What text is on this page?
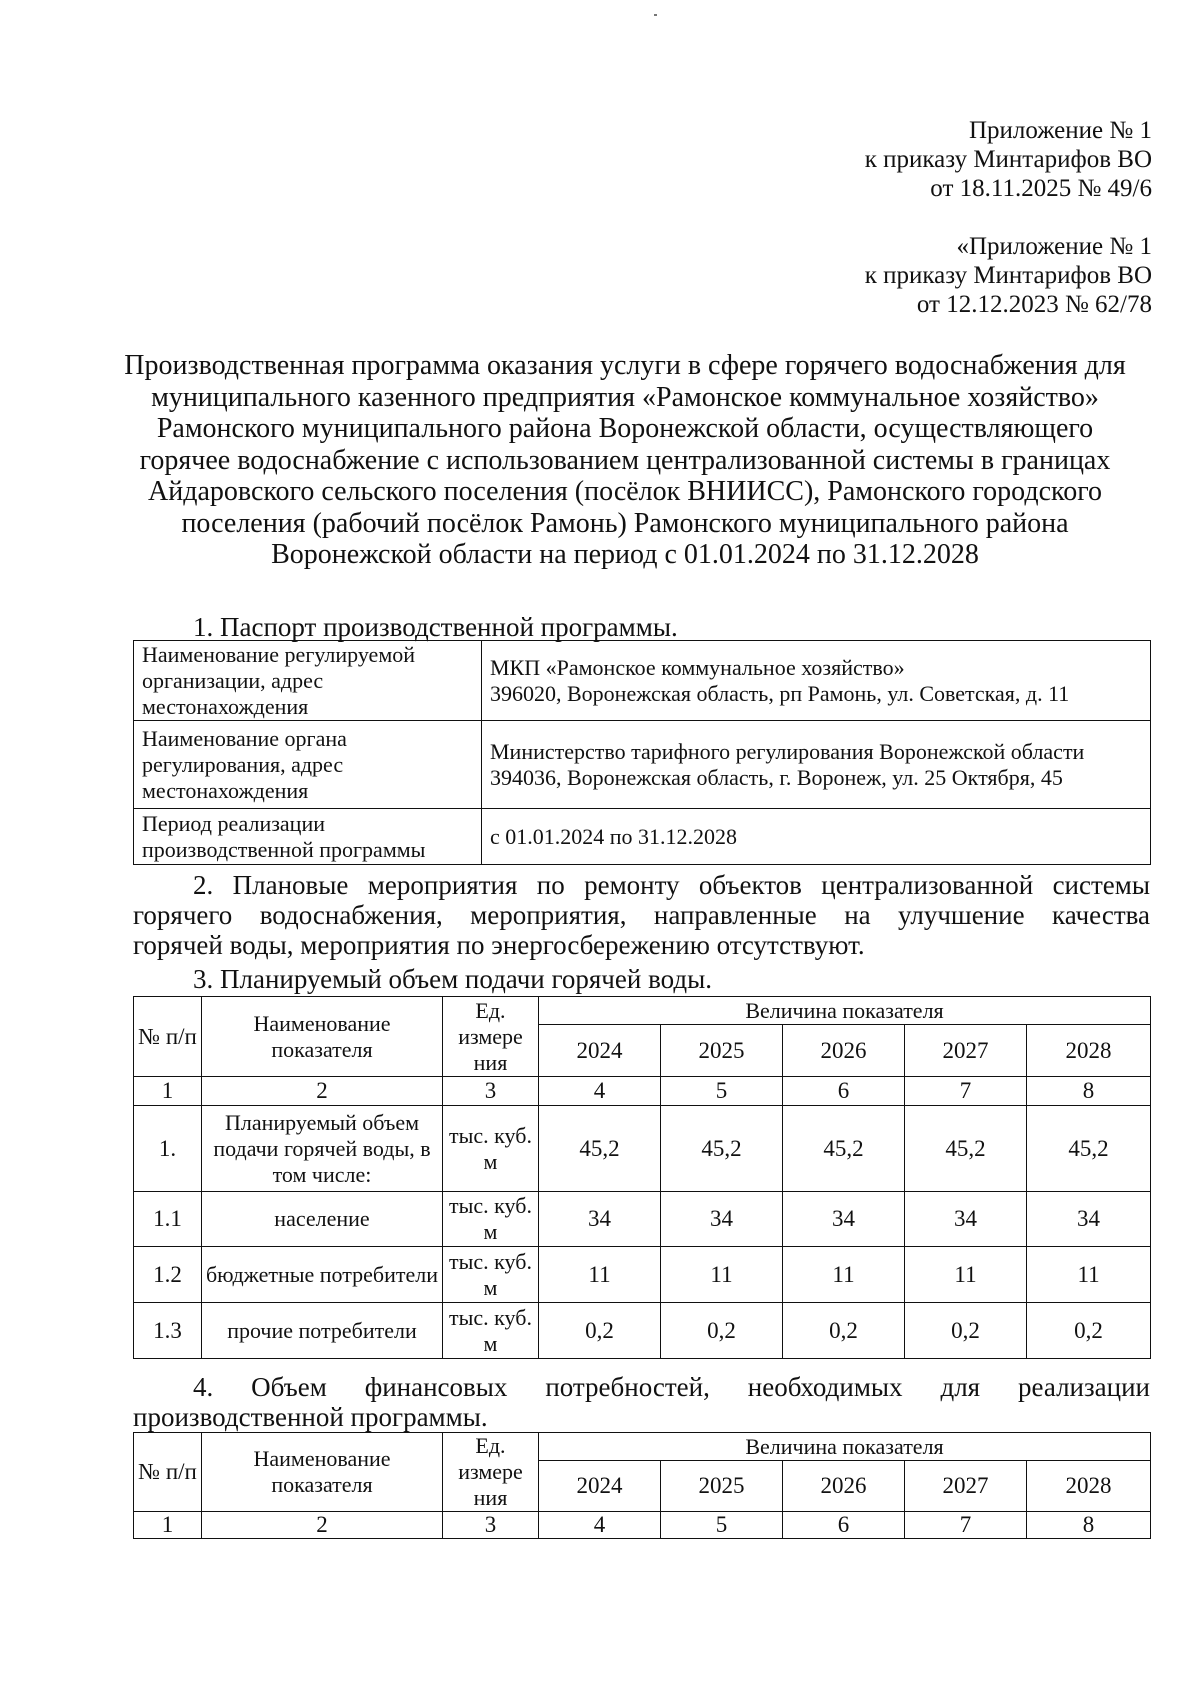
Приложение № 1
к приказу Минтарифов ВО
от 18.11.2025 № 49/6
«Приложение № 1
к приказу Минтарифов ВО
от 12.12.2023 № 62/78
Производственная программа оказания услуги в сфере горячего водоснабжения для
муниципального казенного предприятия «Рамонское коммунальное хозяйство»
Рамонского муниципального района Воронежской области, осуществляющего
горячее водоснабжение с использованием централизованной системы в границах
Айдаровского сельского поселения (посёлок ВНИИСС), Рамонского городского
поселения (рабочий посёлок Рамонь) Рамонского муниципального района
Воронежской области на период с 01.01.2024 по 31.12.2028
1. Паспорт производственной программы.
Наименование регулируемой организации, адрес местонахождения	МКП «Рамонское коммунальное хозяйство»
396020, Воронежская область, рп Рамонь, ул. Советская, д. 11

Наименование органа регулирования, адрес местонахождения	Министерство тарифного регулирования Воронежской области
394036, Воронежская область, г. Воронеж, ул. 25 Октября, 45

Период реализации производственной программы	с 01.01.2024 по 31.12.2028
2. Плановые мероприятия по ремонту объектов централизованной системы
горячего водоснабжения, мероприятия, направленные на улучшение качества
горячей воды, мероприятия по энергосбережению отсутствуют.
3. Планируемый объем подачи горячей воды.
№ п/п	Наименование показателя	Ед. измере ния	Величина показателя				
			2024	2025	2026	2027	2028
1	2	3	4	5	6	7	8
1.	Планируемый объем подачи горячей воды, в том числе:	тыс. куб. м	45,2	45,2	45,2	45,2	45,2
1.1	население	тыс. куб. м	34	34	34	34	34
1.2	бюджетные потребители	тыс. куб. м	11	11	11	11	11
1.3	прочие потребители	тыс. куб. м	0,2	0,2	0,2	0,2	0,2
4. Объем финансовых потребностей, необходимых для реализации
производственной программы.
№ п/п	Наименование показателя	Ед. измере ния	Величина показателя				
			2024	2025	2026	2027	2028
1	2	3	4	5	6	7	8
